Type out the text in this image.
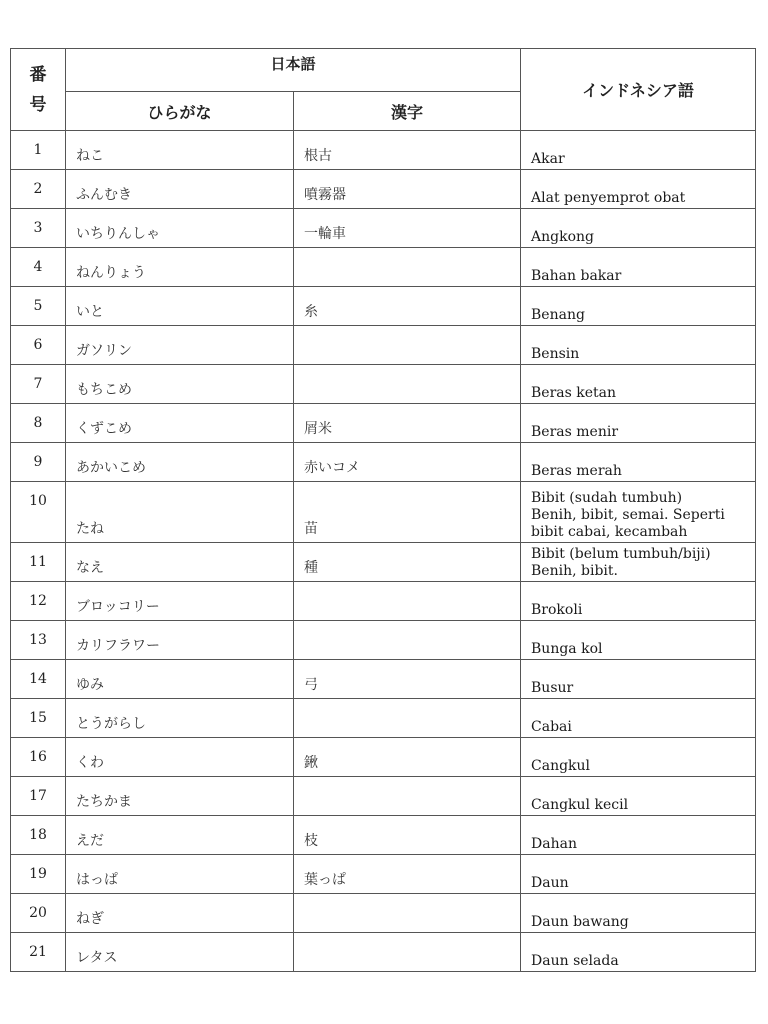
番
号	日本語		インドネシア語
	ひらがな	漢字	
1	ねこ	根古	Akar

2	ふんむき	噴霧器	Alat penyemprot obat

3	いちりんしゃ	一輪車	Angkong

4	ねんりょう		Bahan bakar

5	いと	糸	Benang

6	ガソリン		Bensin

7	もちこめ		Beras ketan

8	くずこめ	屑米	Beras menir

9	あかいこめ	赤いコメ	Beras merah

10	たね	苗	Bibit (sudah tumbuh)
Benih, bibit, semai. Seperti
bibit cabai, kecambah

11	なえ	種	Bibit (belum tumbuh/biji)
Benih, bibit.

12	ブロッコリー		Brokoli

13	カリフラワー		Bunga kol

14	ゆみ	弓	Busur

15	とうがらし		Cabai

16	くわ	鍬	Cangkul

17	たちかま		Cangkul kecil

18	えだ	枝	Dahan

19	はっぱ	葉っぱ	Daun

20	ねぎ		Daun bawang

21	レタス		Daun selada
